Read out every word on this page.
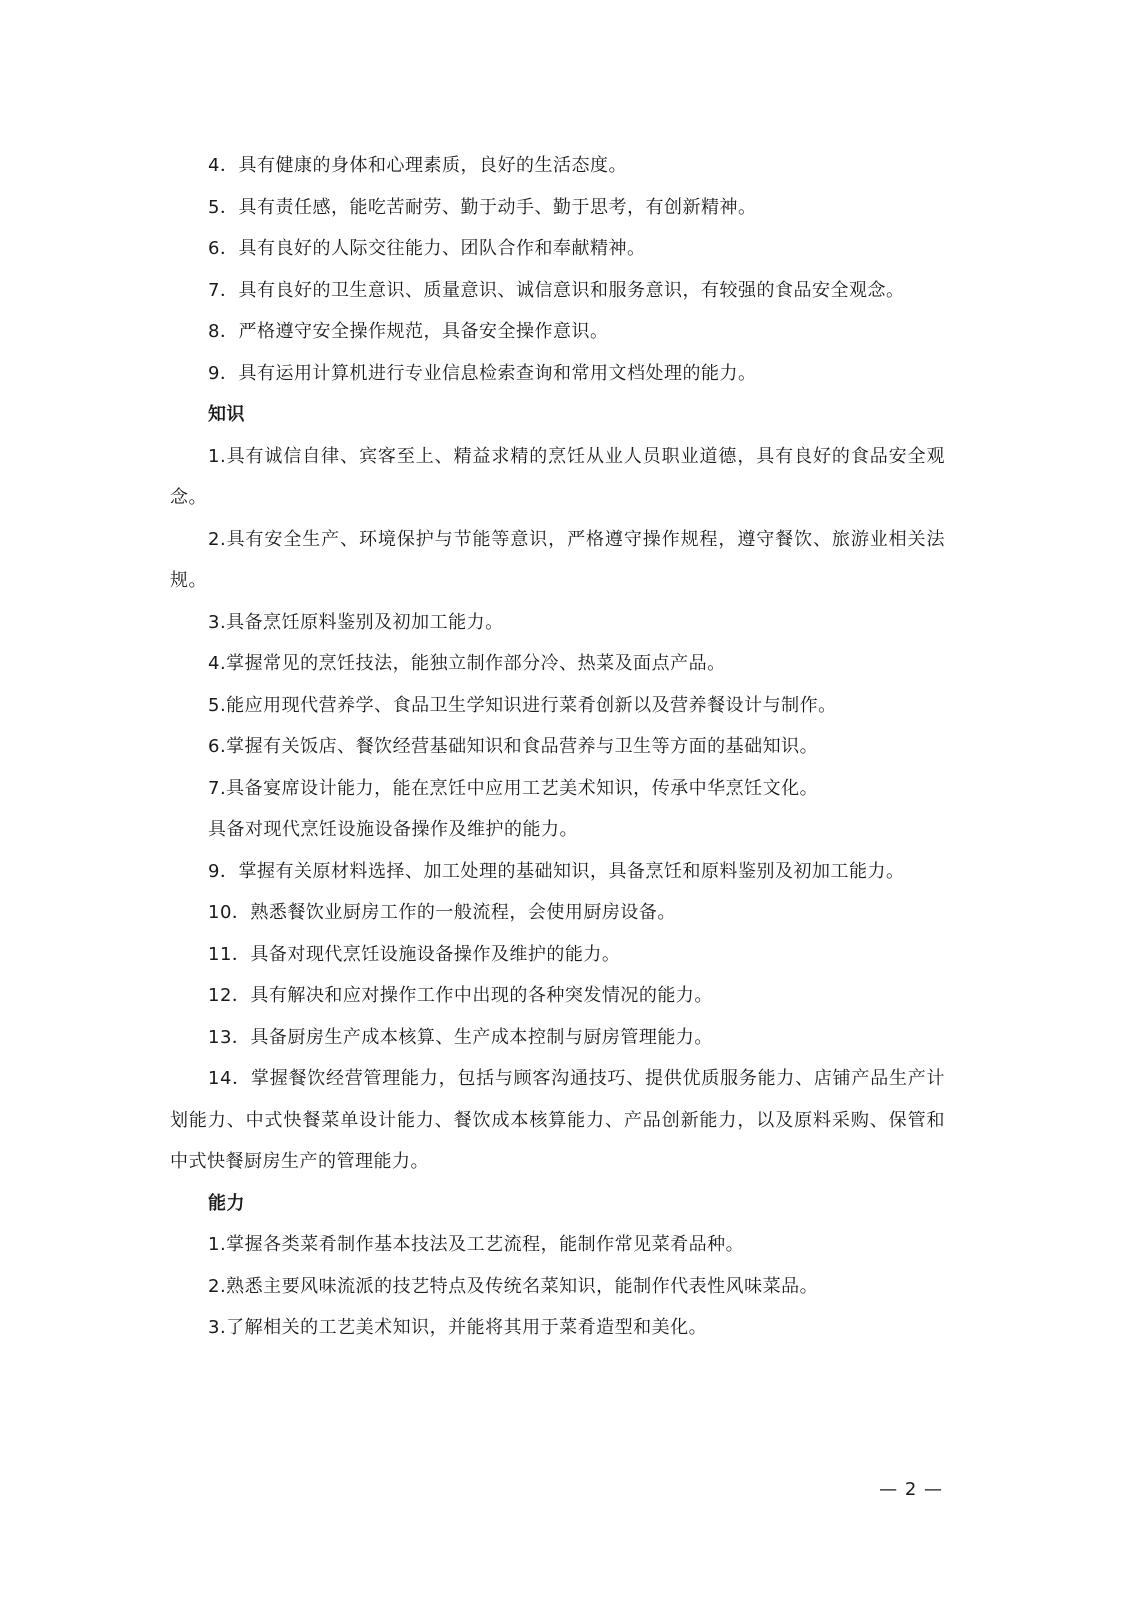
4．具有健康的身体和心理素质，良好的生活态度。

5．具有责任感，能吃苦耐劳、勤于动手、勤于思考，有创新精神。

6．具有良好的人际交往能力、团队合作和奉献精神。

7．具有良好的卫生意识、质量意识、诚信意识和服务意识，有较强的食品安全观念。

8．严格遵守安全操作规范，具备安全操作意识。

9．具有运用计算机进行专业信息检索查询和常用文档处理的能力。

知识

1.具有诚信自律、宾客至上、精益求精的烹饪从业人员职业道德，具有良好的食品安全观念。

2.具有安全生产、环境保护与节能等意识，严格遵守操作规程，遵守餐饮、旅游业相关法规。

3.具备烹饪原料鉴别及初加工能力。

4.掌握常见的烹饪技法，能独立制作部分冷、热菜及面点产品。

5.能应用现代营养学、食品卫生学知识进行菜肴创新以及营养餐设计与制作。

6.掌握有关饭店、餐饮经营基础知识和食品营养与卫生等方面的基础知识。

7.具备宴席设计能力，能在烹饪中应用工艺美术知识，传承中华烹饪文化。

具备对现代烹饪设施设备操作及维护的能力。

9．掌握有关原材料选择、加工处理的基础知识，具备烹饪和原料鉴别及初加工能力。

10．熟悉餐饮业厨房工作的一般流程，会使用厨房设备。

11．具备对现代烹饪设施设备操作及维护的能力。

12．具有解决和应对操作工作中出现的各种突发情况的能力。

13．具备厨房生产成本核算、生产成本控制与厨房管理能力。

14．掌握餐饮经营管理能力，包括与顾客沟通技巧、提供优质服务能力、店铺产品生产计划能力、中式快餐菜单设计能力、餐饮成本核算能力、产品创新能力，以及原料采购、保管和中式快餐厨房生产的管理能力。

能力

1.掌握各类菜肴制作基本技法及工艺流程，能制作常见菜肴品种。

2.熟悉主要风味流派的技艺特点及传统名菜知识，能制作代表性风味菜品。

3.了解相关的工艺美术知识，并能将其用于菜肴造型和美化。

— 2 —
